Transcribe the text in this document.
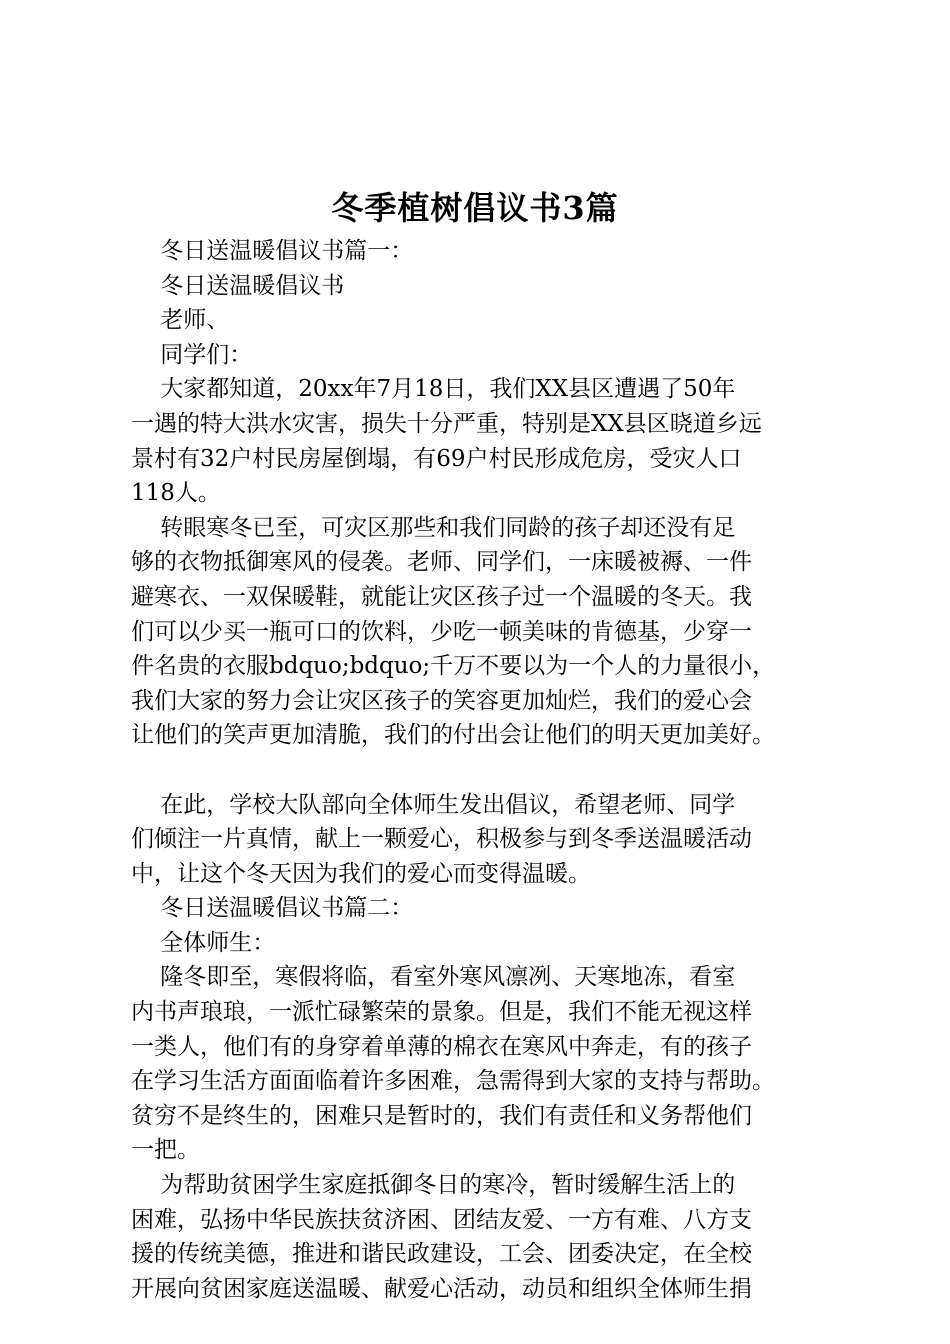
冬季植树倡议书3篇
冬日送温暖倡议书篇一：
冬日送温暖倡议书
老师、
同学们：
大家都知道，20xx年7月18日，我们XX县区遭遇了50年
一遇的特大洪水灾害，损失十分严重，特别是XX县区晓道乡远
景村有32户村民房屋倒塌，有69户村民形成危房，受灾人口
118人。
转眼寒冬已至，可灾区那些和我们同龄的孩子却还没有足
够的衣物抵御寒风的侵袭。老师、同学们，一床暖被褥、一件
避寒衣、一双保暖鞋，就能让灾区孩子过一个温暖的冬天。我
们可以少买一瓶可口的饮料，少吃一顿美味的肯德基，少穿一
件名贵的衣服bdquo;bdquo;千万不要以为一个人的力量很小，
我们大家的努力会让灾区孩子的笑容更加灿烂，我们的爱心会
让他们的笑声更加清脆，我们的付出会让他们的明天更加美好。
在此，学校大队部向全体师生发出倡议，希望老师、同学
们倾注一片真情，献上一颗爱心，积极参与到冬季送温暖活动
中，让这个冬天因为我们的爱心而变得温暖。
冬日送温暖倡议书篇二：
全体师生：
隆冬即至，寒假将临，看室外寒风凛冽、天寒地冻，看室
内书声琅琅，一派忙碌繁荣的景象。但是，我们不能无视这样
一类人，他们有的身穿着单薄的棉衣在寒风中奔走，有的孩子
在学习生活方面面临着许多困难，急需得到大家的支持与帮助。
贫穷不是终生的，困难只是暂时的，我们有责任和义务帮他们
一把。
为帮助贫困学生家庭抵御冬日的寒冷，暂时缓解生活上的
困难，弘扬中华民族扶贫济困、团结友爱、一方有难、八方支
援的传统美德，推进和谐民政建设，工会、团委决定，在全校
开展向贫困家庭送温暖、献爱心活动，动员和组织全体师生捐
